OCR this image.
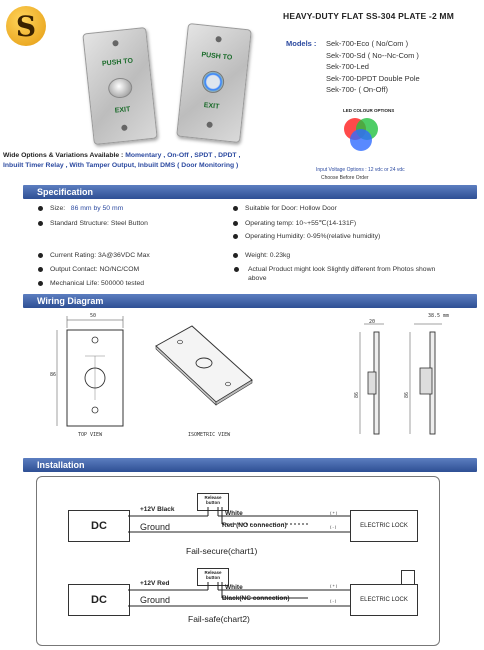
S
PUSH TO
EXIT
PUSH TO
EXIT
HEAVY-DUTY FLAT SS-304 PLATE -2 MM
Models : Sek-700-Eco ( No/Com )
Sek-700-Sd ( No--Nc-Com )
Sek-700-Led
Sek-700-DPDT Double Pole
Sek-700- ( On-Off)
LED COLOUR OPTIONS
Input Voltage Options : 12 vdc or 24 vdc
Choose Before Order
Wide Options & Variations Available : Momentary , On-Off , SPDT , DPDT ,
Inbuilt Timer Relay , With Tamper Output, Inbuilt DMS ( Door Monitoring )
Specification
Size: 86 mm by 50 mm
Standard Structure: Steel Button
Current Rating: 3A@36VDC Max
Output Contact: NO/NC/COM
Mechanical Life: 500000 tested
Suitable for Door: Hollow Door
Operating temp: 10~+55℃(14-131F)
Operating Humidity: 0-95%(relative humidity)
Weight: 0.23kg
Actual Product might look Slightly different from Photos shown
above
Wiring Diagram
50
86
TOP VIEW	ISOMETRIC VIEW
20
86
38.5 mm
86
Installation
DC
Release button
ELECTRIC LOCK
+12V Black
Ground
White
Red (NO connection)
( + )
( - )
Fail-secure(chart1)
DC
Release button
ELECTRIC LOCK
+12V Red
Ground
White
Black(NC connection)
( + )
( - )
Fail-safe(chart2)
